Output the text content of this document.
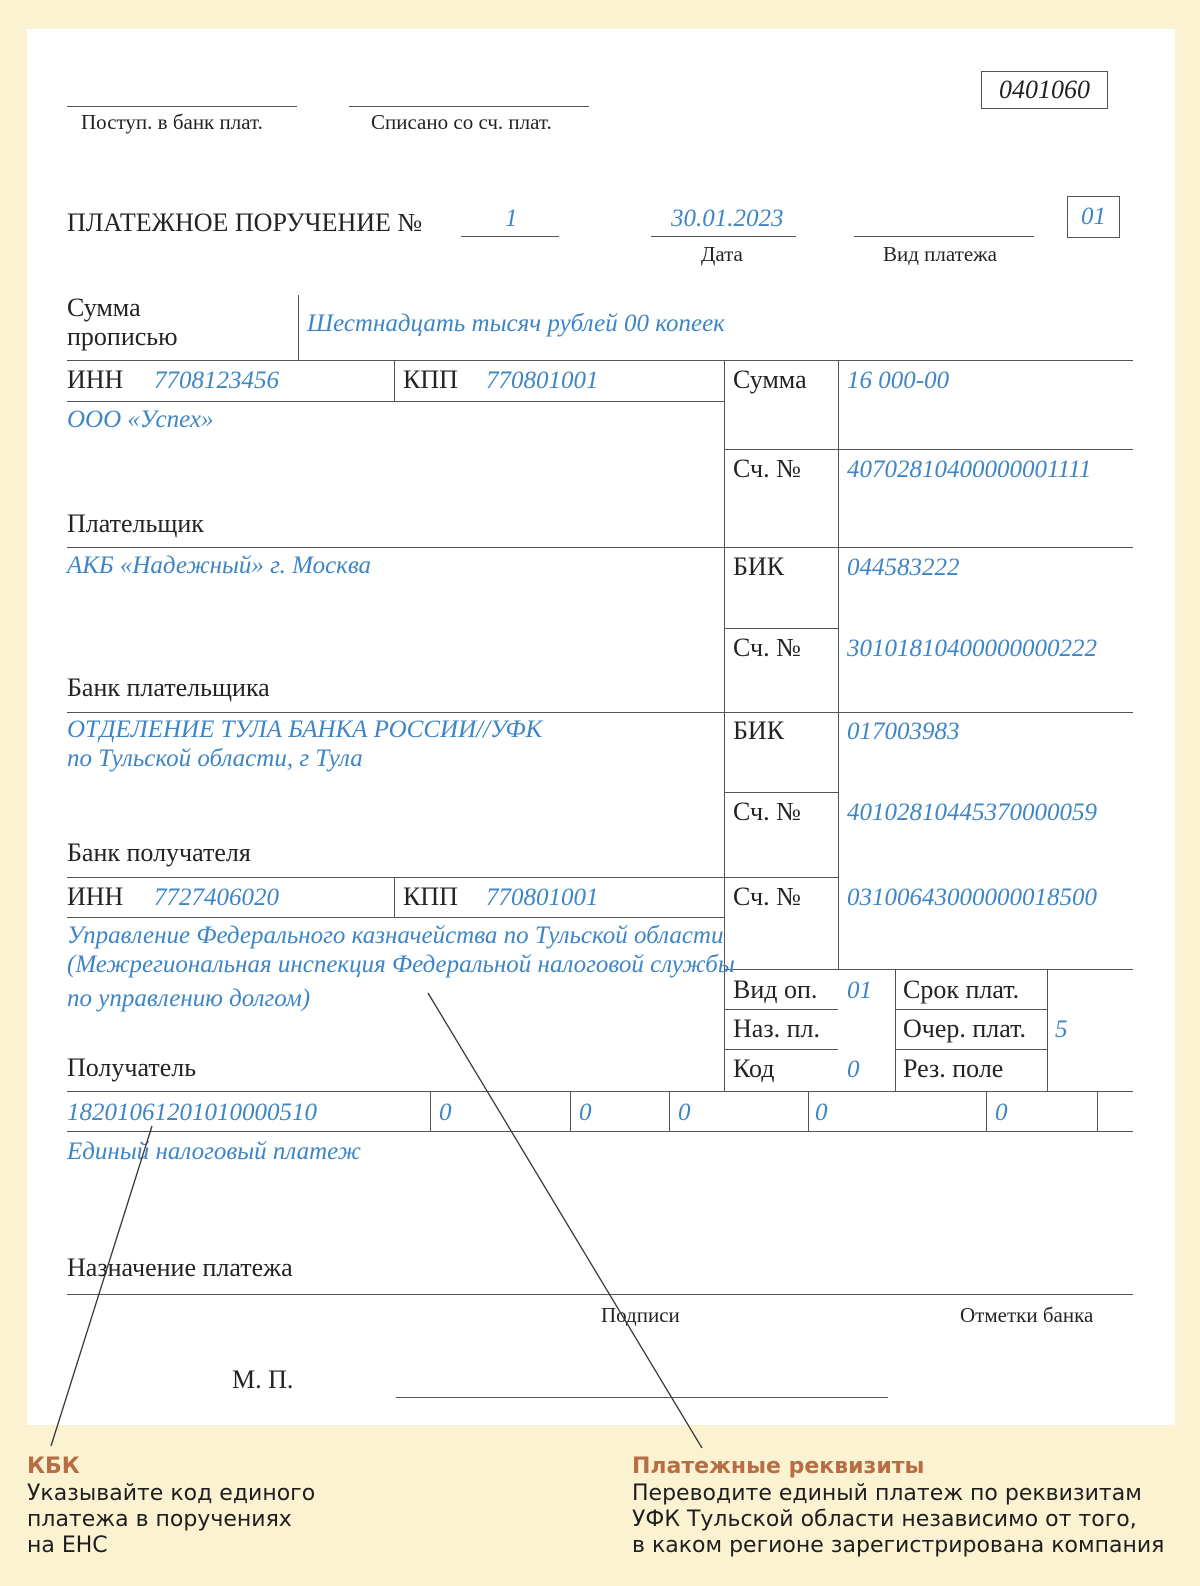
0401060
Поступ. в банк плат.	Списано со сч. плат.
ПЛАТЕЖНОЕ ПОРУЧЕНИЕ №	1	30.01.2023
Дата	Вид платежа
01
Сумма
прописью	Шестнадцать тысяч рублей 00 копеек
ИНН 7708123456	КПП 770801001
ООО «Успех»
Плательщик
Сумма 16 000-00
Сч. № 40702810400000001111
АКБ «Надежный» г. Москва
Банк плательщика
БИК	044583222
Сч. № 30101810400000000222
ОТДЕЛЕНИЕ ТУЛА БАНКА РОССИИ//УФК
по Тульской области, г Тула
Банк получателя
БИК	017003983
Сч. № 40102810445370000059
ИНН 7727406020	КПП 770801001	Сч. № 03100643000000018500
Управление Федерального казначейства по Тульской области
(Межрегиональная инспекция Федеральной налоговой службы
по управлению долгом)
Получатель
Вид оп. 01
Наз. пл.
Код	0
Срок плат.
Очер. плат. 5
Рез. поле
18201061201010000510	0	0	0	0	0
Единый налоговый платеж
Назначение платежа
Подписи	Отметки банка
М. П.
КБК
Указывайте код единого
платежа в поручениях
на ЕНС
Платежные реквизиты
Переводите единый платеж по реквизитам
УФК Тульской области независимо от того,
в каком регионе зарегистрирована компания
